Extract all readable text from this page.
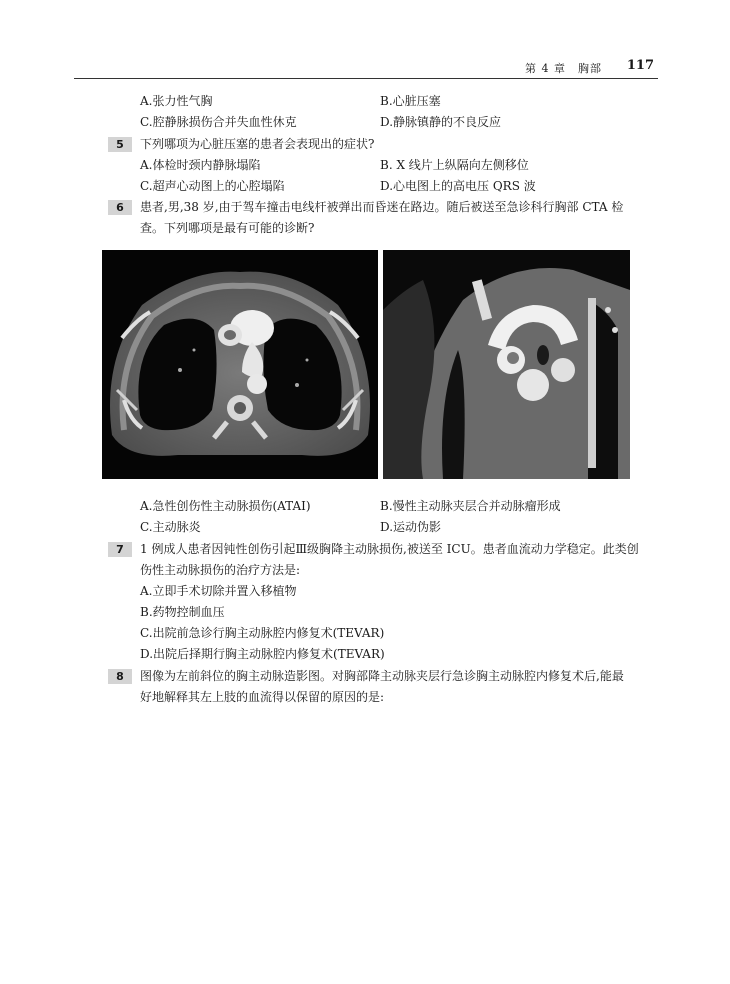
第 4 章　胸部 117
A.张力性气胸	B.心脏压塞
C.腔静脉损伤合并失血性休克	D.静脉镇静的不良反应
5	下列哪项为心脏压塞的患者会表现出的症状?
A.体检时颈内静脉塌陷	B. X 线片上纵隔向左侧移位
C.超声心动图上的心腔塌陷	D.心电图上的高电压 QRS 波
6	患者,男,38 岁,由于驾车撞击电线杆被弹出而昏迷在路边。随后被送至急诊科行胸部 CTA 检
查。下列哪项是最有可能的诊断?
A.急性创伤性主动脉损伤(ATAI)	B.慢性主动脉夹层合并动脉瘤形成
C.主动脉炎	D.运动伪影
7	1 例成人患者因钝性创伤引起Ⅲ级胸降主动脉损伤,被送至 ICU。患者血流动力学稳定。此类创
伤性主动脉损伤的治疗方法是:
A.立即手术切除并置入移植物
B.药物控制血压
C.出院前急诊行胸主动脉腔内修复术(TEVAR)
D.出院后择期行胸主动脉腔内修复术(TEVAR)
8	图像为左前斜位的胸主动脉造影图。对胸部降主动脉夹层行急诊胸主动脉腔内修复术后,能最
好地解释其左上肢的血流得以保留的原因的是:
